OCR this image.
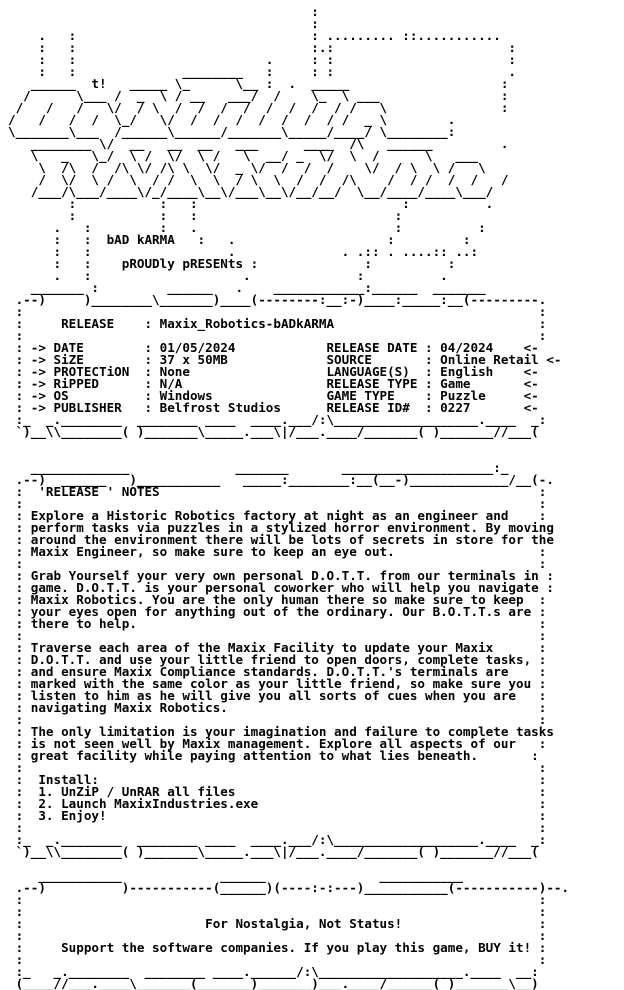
:
:
.   :                               : ......... ::...........
:   :                               :.:                       :
:   :                         .     : :                       :
:   :              ________   :     : :                       .
______  t!   _____ \_      \__ :  .  _____                    :
/      \___ /  _  \ / __   ___/  /    \_  \ ___                :
/   /   /   \/  / \  /  /  /  /  /  /  /  / /   \               :
/   /   /  /  \_/   \/  /  /  /  /  /  /  / /  _ \        .
\_______\___  /______\______/_______\_____/____/ \________:
________ \/  __   __  __   ___      ____  /\   ______         .
\   _   \_/  \ /  \/  \ /   \  __/ _  \/  \  /      \   ___
\  /\  /  /\ \/ /\ \  \/  _ \/  /  /  /    \/  / \  \ /   \
/  \/  \ /  \  / /  \  \  / \  \  /  /  /\    /  / /  /  /   /
/___/\___/____\/_/____\__\/___\__\/__/__/  \__/____/____\___/
:           :   :                           :          .
:           :   :                          :
.   :         :   .                          :          :
:   :  bAD kARMA   :   .                    :         :
:   :                  .              . .:: . ....:: ..:
:   :    pROUDly pRESENts :              :          :
.   :                    .              :          .
_______ :         ______   .    ____________:______  _______
.--)     )________\_______)____(--------:__:-)____:_____:__(---------.
:                                                                    :
:     RELEASE    : Maxix_Robotics-bADkARMA                           :
:                                                                    :
: -> DATE        : 01/05/2024            RELEASE DATE : 04/2024    <-
: -> SiZE        : 37 x 50MB             SOURCE       : Online Retail <-
: -> PROTECTiON  : None                  LANGUAGE(S)  : English    <-
: -> RiPPED      : N/A                   RELEASE TYPE : Game       <-
: -> OS          : Windows               GAME TYPE    : Puzzle     <-
: -> PUBLISHER   : Belfrost Studios      RELEASE ID#  : 0227       <-
:_  _.________  ________ ____  ____.___/:\___________________.____  _:
`)__\\________( )_______\_____.___\|/___.____/_______( )_______//___(
_____________              _______       ____________________:_
.--)  ______   )___________   _____:________:__(__-)_____________/__(-.
:  'RELEASE ' NOTES                                                  :
:                                                                    :
: Explore a Historic Robotics factory at night as an engineer and    :
: perform tasks via puzzles in a stylized horror environment. By moving
: around the environment there will be lots of secrets in store for the
: Maxix Engineer, so make sure to keep an eye out.                   :
:                                                                    :
: Grab Yourself your very own personal D.O.T.T. from our terminals in :
: game. D.O.T.T. is your personal coworker who will help you navigate :
: Maxix Robotics. You are the only human there so make sure to keep  :
: your eyes open for anything out of the ordinary. Our B.O.T.T.s are :
: there to help.                                                     :
:                                                                    :
: Traverse each area of the Maxix Facility to update your Maxix      :
: D.O.T.T. and use your little friend to open doors, complete tasks, :
: and ensure Maxix Compliance standards. D.O.T.T.'s terminals are    :
: marked with the same color as your little friend, so make sure you :
: listen to him as he will give you all sorts of cues when you are   :
: navigating Maxix Robotics.                                         :
:                                                                    :
: The only limitation is your imagination and failure to complete tasks
: is not seen well by Maxix management. Explore all aspects of our   :
: great facility while paying attention to what lies beneath.       :
:                                                                    :
:  Install:                                                          :
:  1. UnZiP / UnRAR all files                                        :
:  2. Launch MaxixIndustries.exe                                     :
:  3. Enjoy!                                                         :
:                                                                    :
:_  _.________  ________ ____  ____.___/:\___________________.____  _:
`)__\\________( )_______\_____.___\|/___.____/_______( )_______//___(
___________             ______               ___________
.--)          )-----------(______)(----:-:---)___________(-----------)--.
:                                                                    :
:                                                                    :
:                        For Nostalgia, Not Status!                  :
:                                                                    :
:     Support the software companies. If you play this game, BUY it! :
:                                                                    :
:_   _.________  ________ ____.______/:\___________________.____  __:
(____//___.____\_______(_______)_______)___.____/______( )_______\__)
